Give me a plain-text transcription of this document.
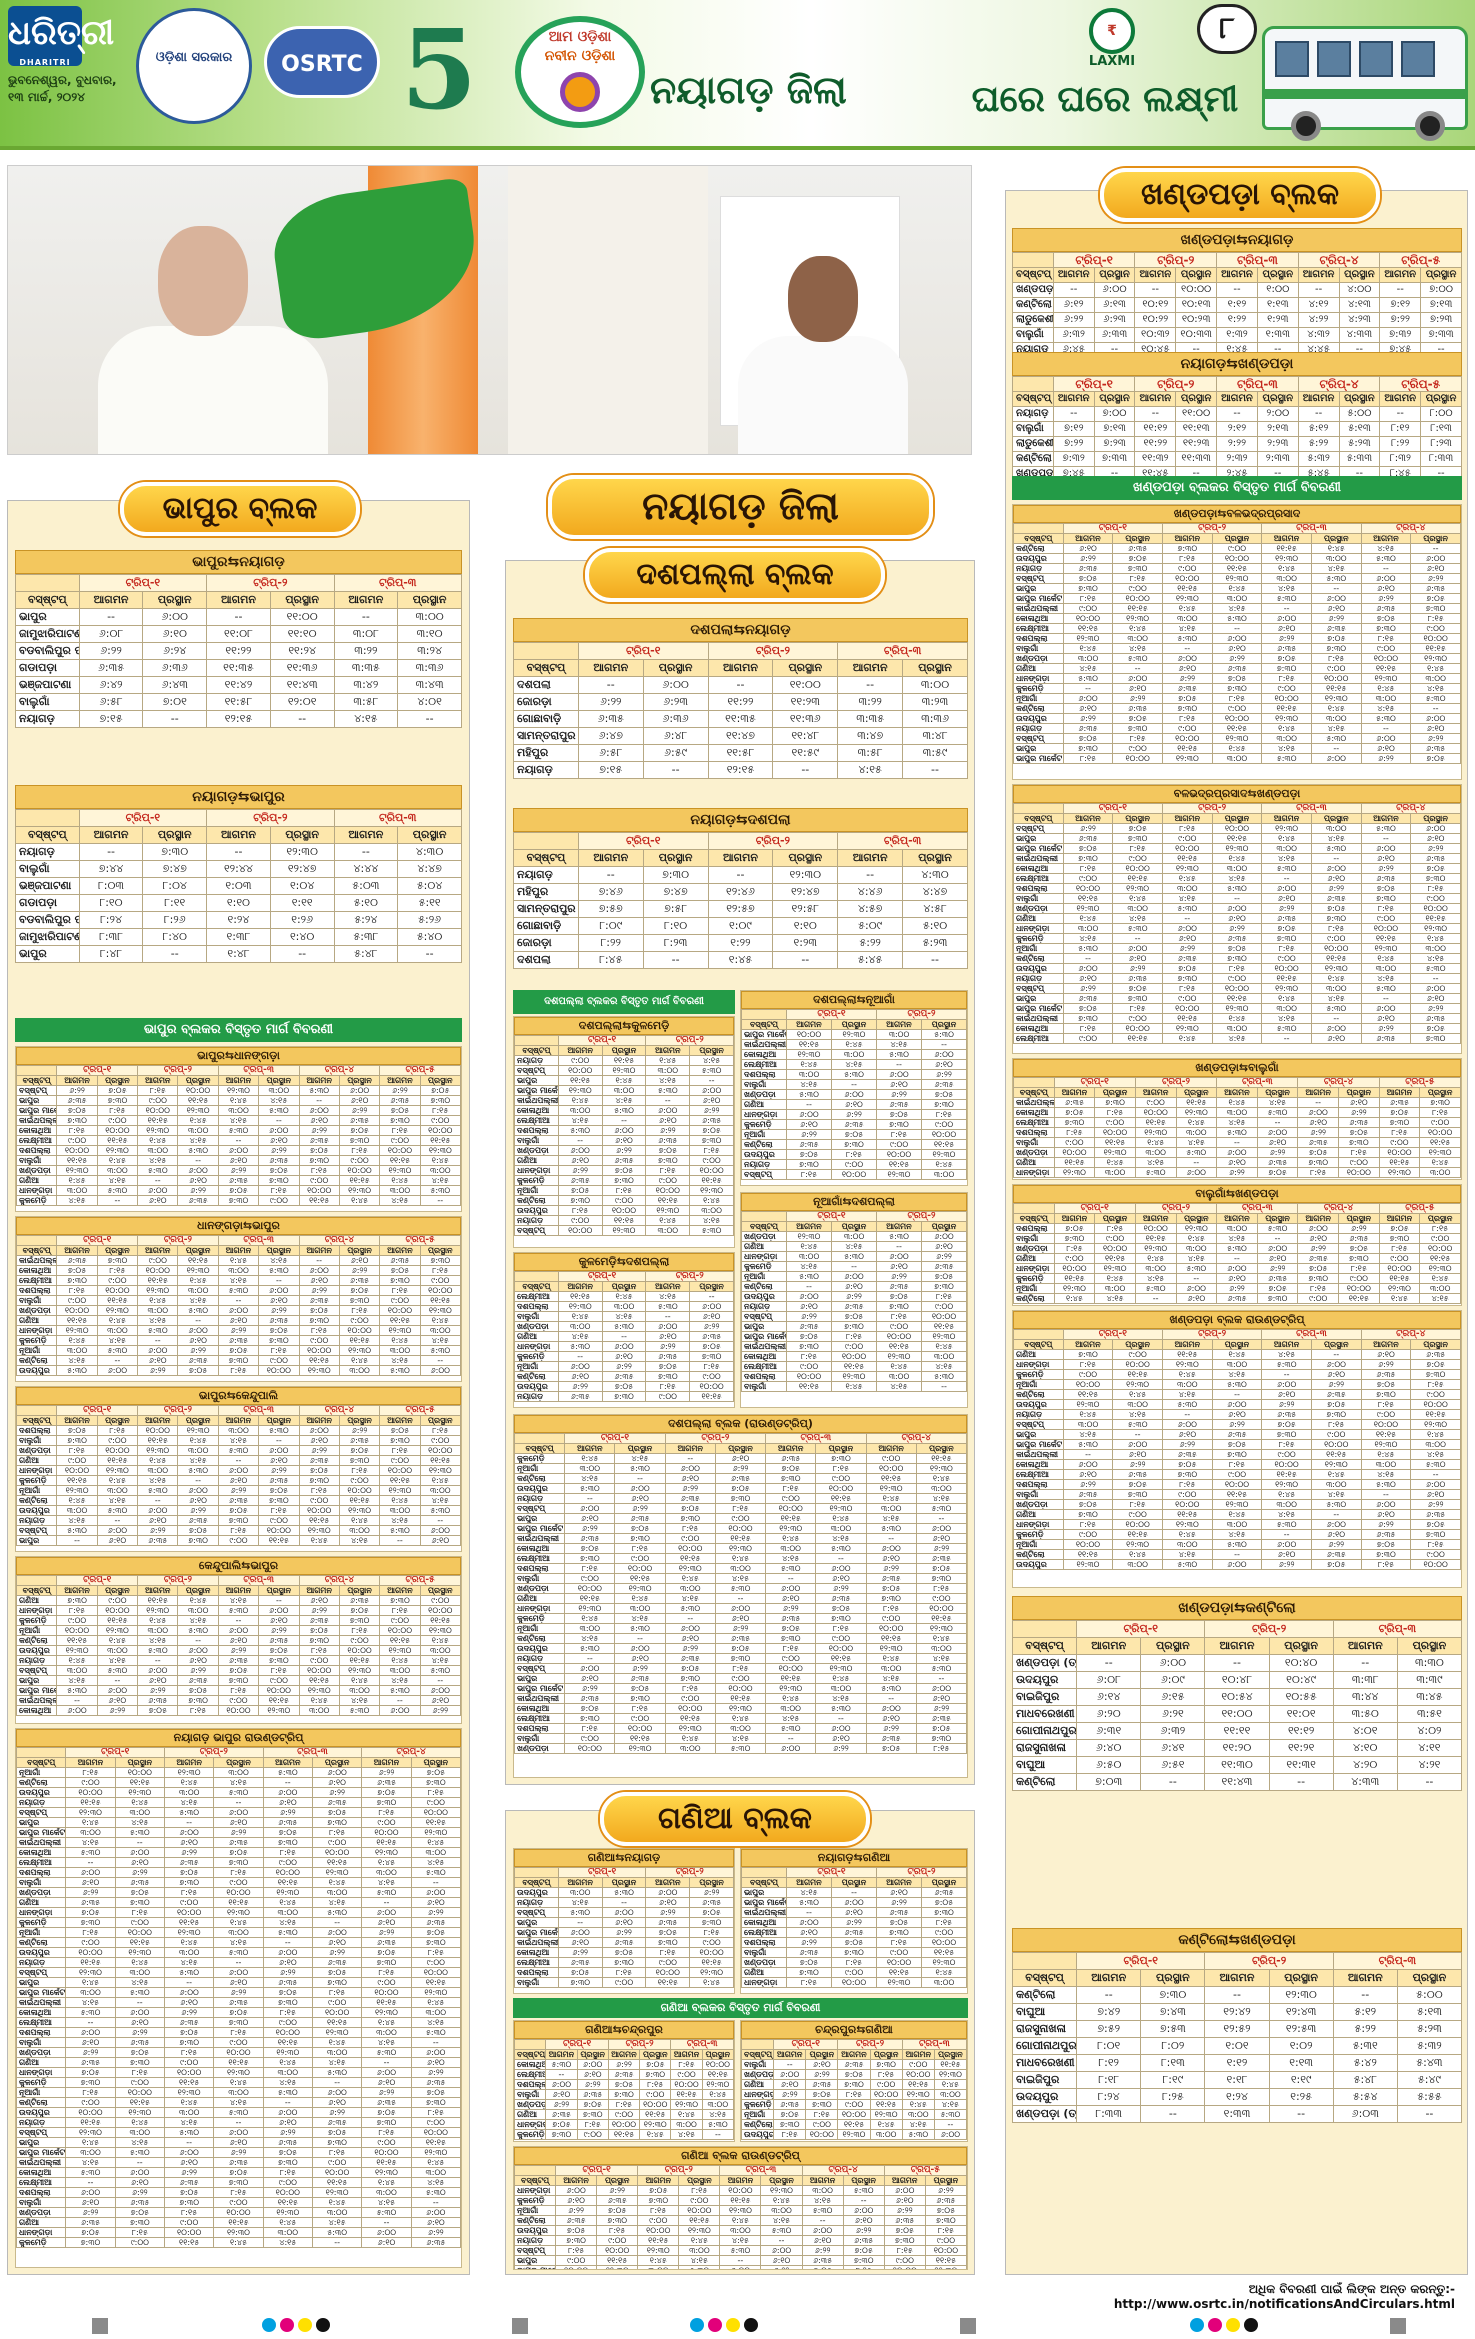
ଧରିତ୍ରୀ
DHARITRI
ଭୁବନେଶ୍ୱର, ବୁଧବାର, ୧୩ ମାର୍ଚ୍ଚ, ୨୦୨୪
ଓଡ଼ିଶା ସରକାର	OSRTC 5	ଆମ ଓଡ଼ିଶା
ନବୀନ ଓଡ଼ିଶା
ନୟାଗଡ଼ ଜିଲା
₹
LAXMI
ଘରେ ଘରେ ଲକ୍ଷ୍ମୀ
୮
ଭାପୁର ବ୍ଲକ
ଭାପୁର⇆ନୟାଗଡ଼
	ଟ୍ରିପ୍-୧		ଟ୍ରିପ୍-୨		ଟ୍ରିପ୍-୩	
ବସ୍‌ଷ୍ଟପ୍	ଆଗମନ	ପ୍ରସ୍ଥାନ	ଆଗମନ	ପ୍ରସ୍ଥାନ	ଆଗମନ	ପ୍ରସ୍ଥାନ
ଭାପୁର	--	୬:୦୦	--	୧୧:୦୦	--	୩:୦୦
ଜାମୁଝାରିପାଟଣା	୬:୦୮	୬:୧୦	୧୧:୦୮	୧୧:୧୦	୩:୦୮	୩:୧୦
ବଡବାଲିପୁର	୬:୨୨	୬:୨୪	୧୧:୨୨	୧୧:୨୪	୩:୨୨	୩:୨୪
ଗଡାପଡ଼ା	୬:୩୫	୬:୩୬	୧୧:୩୫	୧୧:୩୬	୩:୩୫	୩:୩୬
ଭଞ୍ଜପାଟଣା	୬:୪୨	୬:୪୩	୧୧:୪୨	୧୧:୪୩	୩:୪୨	୩:୪୩
ବାଲୁଗାଁ	୬:୫୮	୭:୦୧	୧୧:୫୮	୧୨:୦୧	୩:୫୮	୪:୦୧
ନୟାଗଡ଼	୭:୧୫	--	୧୨:୧୫	--	୪:୧୫	--
ନୟାଗଡ଼⇆ଭାପୁର
	ଟ୍ରିପ୍-୧		ଟ୍ରିପ୍-୨		ଟ୍ରିପ୍-୩	
ବସ୍‌ଷ୍ଟପ୍	ଆଗମନ	ପ୍ରସ୍ଥାନ	ଆଗମନ	ପ୍ରସ୍ଥାନ	ଆଗମନ	ପ୍ରସ୍ଥାନ
ନୟାଗଡ଼	--	୭:୩୦	--	୧୨:୩୦	--	୪:୩୦
ବାଲୁଗାଁ	୭:୪୪	୭:୪୭	୧୨:୪୪	୧୨:୪୭	୪:୪୪	୪:୪୭
ଭଞ୍ଜପାଟଣା	୮:୦୩	୮:୦୪	୧:୦୩	୧:୦୪	୫:୦୩	୫:୦୪
ଗଡାପଡ଼ା	୮:୧୦	୮:୧୧	୧:୧୦	୧:୧୧	୫:୧୦	୫:୧୧
ବଡବାଲିପୁର	୮:୨୪	୮:୨୬	୧:୨୪	୧:୨୬	୫:୨୪	୫:୨୬
ଜାମୁଝାରିପାଟଣା	୮:୩୮	୮:୪୦	୧:୩୮	୧:୪୦	୫:୩୮	୫:୪୦
ଭାପୁର	୮:୪୮	--	୧:୪୮	--	୫:୪୮	--
ଭାପୁର ବ୍ଲକର ବିସ୍ତୃତ ମାର୍ଗ ବିବରଣୀ
ଭାପୁର⇆ଧାନଙ୍ଗଡ଼ା
	ଟ୍ରିପ୍-୧		ଟ୍ରିପ୍-୨		ଟ୍ରିପ୍-୩		ଟ୍ରିପ୍-୪		ଟ୍ରିପ୍-୫	
ବସ୍‌ଷ୍ଟପ୍	ଆଗମନ	ପ୍ରସ୍ଥାନ	ଆଗମନ	ପ୍ରସ୍ଥାନ	ଆଗମନ	ପ୍ରସ୍ଥାନ	ଆଗମନ	ପ୍ରସ୍ଥାନ	ଆଗମନ	ପ୍ରସ୍ଥାନ
ବସ୍‌ଷ୍ଟପ୍	୬:୨୨	୭:୦୫	୮:୧୫	୧୦:୦୦	୧୨:୩୦	୩:୦୦	୫:୩୦	୬:୦୦	୬:୨୨	୭:୦୫
ଭାପୁର	୬:୩୫	୭:୩୦	୯:୦୦	୧୧:୧୫	୧:୪୫	୪:୧୫	--	୬:୧୦	୬:୩୫	୭:୩୦
ଭାପୁର ମା	୭:୦୫	୮:୧୫	୧୦:୦୦	୧୨:୩୦	୩:୦୦	୫:୩୦	୬:୦୦	୬:୨୨	୭:୦୫	୮:୧୫
କାଇଁଥପଲ୍ଲୀ	୭:୩୦	୯:୦୦	୧୧:୧୫	୧:୪୫	୪:୧୫	--	୬:୧୦	୬:୩୫	୭:୩୦	୯:୦୦
କୋଳାଥିଆ	୮:୧୫	୧୦:୦୦	୧୨:୩୦	୩:୦୦	୫:୩୦	୬:୦୦	୬:୨୨	୭:୦୫	୮:୧୫	୧୦:୦୦
ଲେକ୍ଷ୍ମୀଆ	୯:୦୦	୧୧:୧୫	୧:୪୫	୪:୧୫	--	୬:୧୦	୬:୩୫	୭:୩୦	୯:୦୦	୧୧:୧୫
ଦଶପଲ୍ଲା	୧୦:୦୦	୧୨:୩୦	୩:୦୦	୫:୩୦	୬:୦୦	୬:୨୨	୭:୦୫	୮:୧୫	୧୦:୦୦	୧୨:୩୦
ବାଲୁଗାଁ	୧୧:୧୫	୧:୪୫	୪:୧୫	--	୬:୧୦	୬:୩୫	୭:୩୦	୯:୦୦	୧୧:୧୫	୧:୪୫
ଖଣ୍ଡପଡ଼ା	୧୨:୩୦	୩:୦୦	୫:୩୦	୬:୦୦	୬:୨୨	୭:୦୫	୮:୧୫	୧୦:୦୦	୧୨:୩୦	୩:୦୦
ଗଣିଆ	୧:୪୫	୪:୧୫	--	୬:୧୦	୬:୩୫	୭:୩୦	୯:୦୦	୧୧:୧୫	୧:୪୫	୪:୧୫
ଧାନଙ୍ଗଡ଼ା	୩:୦୦	୫:୩୦	୬:୦୦	୬:୨୨	୭:୦୫	୮:୧୫	୧୦:୦୦	୧୨:୩୦	୩:୦୦	୫:୩୦
କୁଳମେଡ଼ି	୪:୧୫	--	୬:୧୦	୬:୩୫	୭:୩୦	୯:୦୦	୧୧:୧୫	୧:୪୫	୪:୧୫	--
ଧାନଙ୍ଗଡ଼ା⇆ଭାପୁର
	ଟ୍ରିପ୍-୧		ଟ୍ରିପ୍-୨		ଟ୍ରିପ୍-୩		ଟ୍ରିପ୍-୪		ଟ୍ରିପ୍-୫	
ବସ୍‌ଷ୍ଟପ୍	ଆଗମନ	ପ୍ରସ୍ଥାନ	ଆଗମନ	ପ୍ରସ୍ଥାନ	ଆଗମନ	ପ୍ରସ୍ଥାନ	ଆଗମନ	ପ୍ରସ୍ଥାନ	ଆଗମନ	ପ୍ରସ୍ଥାନ
କାଇଁଥପଲ୍ଲୀ	୬:୩୫	୭:୩୦	୯:୦୦	୧୧:୧୫	୧:୪୫	୪:୧୫	--	୬:୧୦	୬:୩୫	୭:୩୦
କୋଳାଥିଆ	୭:୦୫	୮:୧୫	୧୦:୦୦	୧୨:୩୦	୩:୦୦	୫:୩୦	୬:୦୦	୬:୨୨	୭:୦୫	୮:୧୫
ଲେକ୍ଷ୍ମୀଆ	୭:୩୦	୯:୦୦	୧୧:୧୫	୧:୪୫	୪:୧୫	--	୬:୧୦	୬:୩୫	୭:୩୦	୯:୦୦
ଦଶପଲ୍ଲା	୮:୧୫	୧୦:୦୦	୧୨:୩୦	୩:୦୦	୫:୩୦	୬:୦୦	୬:୨୨	୭:୦୫	୮:୧୫	୧୦:୦୦
ବାଲୁଗାଁ	୯:୦୦	୧୧:୧୫	୧:୪୫	୪:୧୫	--	୬:୧୦	୬:୩୫	୭:୩୦	୯:୦୦	୧୧:୧୫
ଖଣ୍ଡପଡ଼ା	୧୦:୦୦	୧୨:୩୦	୩:୦୦	୫:୩୦	୬:୦୦	୬:୨୨	୭:୦୫	୮:୧୫	୧୦:୦୦	୧୨:୩୦
ଗଣିଆ	୧୧:୧୫	୧:୪୫	୪:୧୫	--	୬:୧୦	୬:୩୫	୭:୩୦	୯:୦୦	୧୧:୧୫	୧:୪୫
ଧାନଙ୍ଗଡ଼ା	୧୨:୩୦	୩:୦୦	୫:୩୦	୬:୦୦	୬:୨୨	୭:୦୫	୮:୧୫	୧୦:୦୦	୧୨:୩୦	୩:୦୦
କୁଳମେଡ଼ି	୧:୪୫	୪:୧୫	--	୬:୧୦	୬:୩୫	୭:୩୦	୯:୦୦	୧୧:୧୫	୧:୪୫	୪:୧୫
ନୂଆଗାଁ	୩:୦୦	୫:୩୦	୬:୦୦	୬:୨୨	୭:୦୫	୮:୧୫	୧୦:୦୦	୧୨:୩୦	୩:୦୦	୫:୩୦
କଣ୍ଟିଲୋ	୪:୧୫	--	୬:୧୦	୬:୩୫	୭:୩୦	୯:୦୦	୧୧:୧୫	୧:୪୫	୪:୧୫	--
ଉଦୟପୁର	୫:୩୦	୬:୦୦	୬:୨୨	୭:୦୫	୮:୧୫	୧୦:୦୦	୧୨:୩୦	୩:୦୦	୫:୩୦	୬:୦୦
ଭାପୁର⇆କେନ୍ଦୁପାଲି
	ଟ୍ରିପ୍-୧		ଟ୍ରିପ୍-୨		ଟ୍ରିପ୍-୩		ଟ୍ରିପ୍-୪		ଟ୍ରିପ୍-୫	
ବସ୍‌ଷ୍ଟପ୍	ଆଗମନ	ପ୍ରସ୍ଥାନ	ଆଗମନ	ପ୍ରସ୍ଥାନ	ଆଗମନ	ପ୍ରସ୍ଥାନ	ଆଗମନ	ପ୍ରସ୍ଥାନ	ଆଗମନ	ପ୍ରସ୍ଥାନ
ଦଶପଲ୍ଲା	୭:୦୫	୮:୧୫	୧୦:୦୦	୧୨:୩୦	୩:୦୦	୫:୩୦	୬:୦୦	୬:୨୨	୭:୦୫	୮:୧୫
ବାଲୁଗାଁ	୭:୩୦	୯:୦୦	୧୧:୧୫	୧:୪୫	୪:୧୫	--	୬:୧୦	୬:୩୫	୭:୩୦	୯:୦୦
ଖଣ୍ଡପଡ଼ା	୮:୧୫	୧୦:୦୦	୧୨:୩୦	୩:୦୦	୫:୩୦	୬:୦୦	୬:୨୨	୭:୦୫	୮:୧୫	୧୦:୦୦
ଗଣିଆ	୯:୦୦	୧୧:୧୫	୧:୪୫	୪:୧୫	--	୬:୧୦	୬:୩୫	୭:୩୦	୯:୦୦	୧୧:୧୫
ଧାନଙ୍ଗଡ଼ା	୧୦:୦୦	୧୨:୩୦	୩:୦୦	୫:୩୦	୬:୦୦	୬:୨୨	୭:୦୫	୮:୧୫	୧୦:୦୦	୧୨:୩୦
କୁଳମେଡ଼ି	୧୧:୧୫	୧:୪୫	୪:୧୫	--	୬:୧୦	୬:୩୫	୭:୩୦	୯:୦୦	୧୧:୧୫	୧:୪୫
ନୂଆଗାଁ	୧୨:୩୦	୩:୦୦	୫:୩୦	୬:୦୦	୬:୨୨	୭:୦୫	୮:୧୫	୧୦:୦୦	୧୨:୩୦	୩:୦୦
କଣ୍ଟିଲୋ	୧:୪୫	୪:୧୫	--	୬:୧୦	୬:୩୫	୭:୩୦	୯:୦୦	୧୧:୧୫	୧:୪୫	୪:୧୫
ଉଦୟପୁର	୩:୦୦	୫:୩୦	୬:୦୦	୬:୨୨	୭:୦୫	୮:୧୫	୧୦:୦୦	୧୨:୩୦	୩:୦୦	୫:୩୦
ନୟାଗଡ଼	୪:୧୫	--	୬:୧୦	୬:୩୫	୭:୩୦	୯:୦୦	୧୧:୧୫	୧:୪୫	୪:୧୫	--
ବସ୍‌ଷ୍ଟପ୍	୫:୩୦	୬:୦୦	୬:୨୨	୭:୦୫	୮:୧୫	୧୦:୦୦	୧୨:୩୦	୩:୦୦	୫:୩୦	୬:୦୦
ଭାପୁର	--	୬:୧୦	୬:୩୫	୭:୩୦	୯:୦୦	୧୧:୧୫	୧:୪୫	୪:୧୫	--	୬:୧୦
କେନ୍ଦୁପାଲି⇆ଭାପୁର
	ଟ୍ରିପ୍-୧		ଟ୍ରିପ୍-୨		ଟ୍ରିପ୍-୩		ଟ୍ରିପ୍-୪		ଟ୍ରିପ୍-୫	
ବସ୍‌ଷ୍ଟପ୍	ଆଗମନ	ପ୍ରସ୍ଥାନ	ଆଗମନ	ପ୍ରସ୍ଥାନ	ଆଗମନ	ପ୍ରସ୍ଥାନ	ଆଗମନ	ପ୍ରସ୍ଥାନ	ଆଗମନ	ପ୍ରସ୍ଥାନ
ଗଣିଆ	୭:୩୦	୯:୦୦	୧୧:୧୫	୧:୪୫	୪:୧୫	--	୬:୧୦	୬:୩୫	୭:୩୦	୯:୦୦
ଧାନଙ୍ଗଡ଼ା	୮:୧୫	୧୦:୦୦	୧୨:୩୦	୩:୦୦	୫:୩୦	୬:୦୦	୬:୨୨	୭:୦୫	୮:୧୫	୧୦:୦୦
କୁଳମେଡ଼ି	୯:୦୦	୧୧:୧୫	୧:୪୫	୪:୧୫	--	୬:୧୦	୬:୩୫	୭:୩୦	୯:୦୦	୧୧:୧୫
ନୂଆଗାଁ	୧୦:୦୦	୧୨:୩୦	୩:୦୦	୫:୩୦	୬:୦୦	୬:୨୨	୭:୦୫	୮:୧୫	୧୦:୦୦	୧୨:୩୦
କଣ୍ଟିଲୋ	୧୧:୧୫	୧:୪୫	୪:୧୫	--	୬:୧୦	୬:୩୫	୭:୩୦	୯:୦୦	୧୧:୧୫	୧:୪୫
ଉଦୟପୁର	୧୨:୩୦	୩:୦୦	୫:୩୦	୬:୦୦	୬:୨୨	୭:୦୫	୮:୧୫	୧୦:୦୦	୧୨:୩୦	୩:୦୦
ନୟାଗଡ଼	୧:୪୫	୪:୧୫	--	୬:୧୦	୬:୩୫	୭:୩୦	୯:୦୦	୧୧:୧୫	୧:୪୫	୪:୧୫
ବସ୍‌ଷ୍ଟପ୍	୩:୦୦	୫:୩୦	୬:୦୦	୬:୨୨	୭:୦୫	୮:୧୫	୧୦:୦୦	୧୨:୩୦	୩:୦୦	୫:୩୦
ଭାପୁର	୪:୧୫	--	୬:୧୦	୬:୩୫	୭:୩୦	୯:୦୦	୧୧:୧୫	୧:୪୫	୪:୧୫	--
ଭାପୁର ମା	୫:୩୦	୬:୦୦	୬:୨୨	୭:୦୫	୮:୧୫	୧୦:୦୦	୧୨:୩୦	୩:୦୦	୫:୩୦	୬:୦୦
କାଇଁଥପଲ୍ଲୀ	--	୬:୧୦	୬:୩୫	୭:୩୦	୯:୦୦	୧୧:୧୫	୧:୪୫	୪:୧୫	--	୬:୧୦
କୋଳାଥିଆ	୬:୦୦	୬:୨୨	୭:୦୫	୮:୧୫	୧୦:୦୦	୧୨:୩୦	୩:୦୦	୫:୩୦	୬:୦୦	୬:୨୨
ନୟାଗଡ଼ ଭାପୁର ରାଉଣ୍ଡଟ୍ରିପ୍
	ଟ୍ରିପ୍-୧		ଟ୍ରିପ୍-୨		ଟ୍ରିପ୍-୩		ଟ୍ରିପ୍-୪	
ବସ୍‌ଷ୍ଟପ୍	ଆଗମନ	ପ୍ରସ୍ଥାନ	ଆଗମନ	ପ୍ରସ୍ଥାନ	ଆଗମନ	ପ୍ରସ୍ଥାନ	ଆଗମନ	ପ୍ରସ୍ଥାନ
ନୂଆଗାଁ	୮:୧୫	୧୦:୦୦	୧୨:୩୦	୩:୦୦	୫:୩୦	୬:୦୦	୬:୨୨	୭:୦୫
କଣ୍ଟିଲୋ	୯:୦୦	୧୧:୧୫	୧:୪୫	୪:୧୫	--	୬:୧୦	୬:୩୫	୭:୩୦
ଉଦୟପୁର	୧୦:୦୦	୧୨:୩୦	୩:୦୦	୫:୩୦	୬:୦୦	୬:୨୨	୭:୦୫	୮:୧୫
ନୟାଗଡ଼	୧୧:୧୫	୧:୪୫	୪:୧୫	--	୬:୧୦	୬:୩୫	୭:୩୦	୯:୦୦
ବସ୍‌ଷ୍ଟପ୍	୧୨:୩୦	୩:୦୦	୫:୩୦	୬:୦୦	୬:୨୨	୭:୦୫	୮:୧୫	୧୦:୦୦
ଭାପୁର	୧:୪୫	୪:୧୫	--	୬:୧୦	୬:୩୫	୭:୩୦	୯:୦୦	୧୧:୧୫
ଭାପୁର ମାର୍କେଟ	୩:୦୦	୫:୩୦	୬:୦୦	୬:୨୨	୭:୦୫	୮:୧୫	୧୦:୦୦	୧୨:୩୦
କାଇଁଥପଲ୍ଲୀ	୪:୧୫	--	୬:୧୦	୬:୩୫	୭:୩୦	୯:୦୦	୧୧:୧୫	୧:୪୫
କୋଳାଥିଆ	୫:୩୦	୬:୦୦	୬:୨୨	୭:୦୫	୮:୧୫	୧୦:୦୦	୧୨:୩୦	୩:୦୦
ଲେକ୍ଷ୍ମୀଆ	--	୬:୧୦	୬:୩୫	୭:୩୦	୯:୦୦	୧୧:୧୫	୧:୪୫	୪:୧୫
ଦଶପଲ୍ଲା	୬:୦୦	୬:୨୨	୭:୦୫	୮:୧୫	୧୦:୦୦	୧୨:୩୦	୩:୦୦	୫:୩୦
ବାଲୁଗାଁ	୬:୧୦	୬:୩୫	୭:୩୦	୯:୦୦	୧୧:୧୫	୧:୪୫	୪:୧୫	--
ଖଣ୍ଡପଡ଼ା	୬:୨୨	୭:୦୫	୮:୧୫	୧୦:୦୦	୧୨:୩୦	୩:୦୦	୫:୩୦	୬:୦୦
ଗଣିଆ	୬:୩୫	୭:୩୦	୯:୦୦	୧୧:୧୫	୧:୪୫	୪:୧୫	--	୬:୧୦
ଧାନଙ୍ଗଡ଼ା	୭:୦୫	୮:୧୫	୧୦:୦୦	୧୨:୩୦	୩:୦୦	୫:୩୦	୬:୦୦	୬:୨୨
କୁଳମେଡ଼ି	୭:୩୦	୯:୦୦	୧୧:୧୫	୧:୪୫	୪:୧୫	--	୬:୧୦	୬:୩୫
ନୂଆଗାଁ	୮:୧୫	୧୦:୦୦	୧୨:୩୦	୩:୦୦	୫:୩୦	୬:୦୦	୬:୨୨	୭:୦୫
କଣ୍ଟିଲୋ	୯:୦୦	୧୧:୧୫	୧:୪୫	୪:୧୫	--	୬:୧୦	୬:୩୫	୭:୩୦
ଉଦୟପୁର	୧୦:୦୦	୧୨:୩୦	୩:୦୦	୫:୩୦	୬:୦୦	୬:୨୨	୭:୦୫	୮:୧୫
ନୟାଗଡ଼	୧୧:୧୫	୧:୪୫	୪:୧୫	--	୬:୧୦	୬:୩୫	୭:୩୦	୯:୦୦
ବସ୍‌ଷ୍ଟପ୍	୧୨:୩୦	୩:୦୦	୫:୩୦	୬:୦୦	୬:୨୨	୭:୦୫	୮:୧୫	୧୦:୦୦
ଭାପୁର	୧:୪୫	୪:୧୫	--	୬:୧୦	୬:୩୫	୭:୩୦	୯:୦୦	୧୧:୧୫
ଭାପୁର ମାର୍କେଟ	୩:୦୦	୫:୩୦	୬:୦୦	୬:୨୨	୭:୦୫	୮:୧୫	୧୦:୦୦	୧୨:୩୦
କାଇଁଥପଲ୍ଲୀ	୪:୧୫	--	୬:୧୦	୬:୩୫	୭:୩୦	୯:୦୦	୧୧:୧୫	୧:୪୫
କୋଳାଥିଆ	୫:୩୦	୬:୦୦	୬:୨୨	୭:୦୫	୮:୧୫	୧୦:୦୦	୧୨:୩୦	୩:୦୦
ଲେକ୍ଷ୍ମୀଆ	--	୬:୧୦	୬:୩୫	୭:୩୦	୯:୦୦	୧୧:୧୫	୧:୪୫	୪:୧୫
ଦଶପଲ୍ଲା	୬:୦୦	୬:୨୨	୭:୦୫	୮:୧୫	୧୦:୦୦	୧୨:୩୦	୩:୦୦	୫:୩୦
ବାଲୁଗାଁ	୬:୧୦	୬:୩୫	୭:୩୦	୯:୦୦	୧୧:୧୫	୧:୪୫	୪:୧୫	--
ଖଣ୍ଡପଡ଼ା	୬:୨୨	୭:୦୫	୮:୧୫	୧୦:୦୦	୧୨:୩୦	୩:୦୦	୫:୩୦	୬:୦୦
ଗଣିଆ	୬:୩୫	୭:୩୦	୯:୦୦	୧୧:୧୫	୧:୪୫	୪:୧୫	--	୬:୧୦
ଧାନଙ୍ଗଡ଼ା	୭:୦୫	୮:୧୫	୧୦:୦୦	୧୨:୩୦	୩:୦୦	୫:୩୦	୬:୦୦	୬:୨୨
କୁଳମେଡ଼ି	୭:୩୦	୯:୦୦	୧୧:୧୫	୧:୪୫	୪:୧୫	--	୬:୧୦	୬:୩୫
ନୂଆଗାଁ	୮:୧୫	୧୦:୦୦	୧୨:୩୦	୩:୦୦	୫:୩୦	୬:୦୦	୬:୨୨	୭:୦୫
କଣ୍ଟିଲୋ	୯:୦୦	୧୧:୧୫	୧:୪୫	୪:୧୫	--	୬:୧୦	୬:୩୫	୭:୩୦
ଉଦୟପୁର	୧୦:୦୦	୧୨:୩୦	୩:୦୦	୫:୩୦	୬:୦୦	୬:୨୨	୭:୦୫	୮:୧୫
ନୟାଗଡ଼	୧୧:୧୫	୧:୪୫	୪:୧୫	--	୬:୧୦	୬:୩୫	୭:୩୦	୯:୦୦
ବସ୍‌ଷ୍ଟପ୍	୧୨:୩୦	୩:୦୦	୫:୩୦	୬:୦୦	୬:୨୨	୭:୦୫	୮:୧୫	୧୦:୦୦
ଭାପୁର	୧:୪୫	୪:୧୫	--	୬:୧୦	୬:୩୫	୭:୩୦	୯:୦୦	୧୧:୧୫
ଭାପୁର ମାର୍କେଟ	୩:୦୦	୫:୩୦	୬:୦୦	୬:୨୨	୭:୦୫	୮:୧୫	୧୦:୦୦	୧୨:୩୦
କାଇଁଥପଲ୍ଲୀ	୪:୧୫	--	୬:୧୦	୬:୩୫	୭:୩୦	୯:୦୦	୧୧:୧୫	୧:୪୫
କୋଳାଥିଆ	୫:୩୦	୬:୦୦	୬:୨୨	୭:୦୫	୮:୧୫	୧୦:୦୦	୧୨:୩୦	୩:୦୦
ଲେକ୍ଷ୍ମୀଆ	--	୬:୧୦	୬:୩୫	୭:୩୦	୯:୦୦	୧୧:୧୫	୧:୪୫	୪:୧୫
ଦଶପଲ୍ଲା	୬:୦୦	୬:୨୨	୭:୦୫	୮:୧୫	୧୦:୦୦	୧୨:୩୦	୩:୦୦	୫:୩୦
ବାଲୁଗାଁ	୬:୧୦	୬:୩୫	୭:୩୦	୯:୦୦	୧୧:୧୫	୧:୪୫	୪:୧୫	--
ଖଣ୍ଡପଡ଼ା	୬:୨୨	୭:୦୫	୮:୧୫	୧୦:୦୦	୧୨:୩୦	୩:୦୦	୫:୩୦	୬:୦୦
ଗଣିଆ	୬:୩୫	୭:୩୦	୯:୦୦	୧୧:୧୫	୧:୪୫	୪:୧୫	--	୬:୧୦
ଧାନଙ୍ଗଡ଼ା	୭:୦୫	୮:୧୫	୧୦:୦୦	୧୨:୩୦	୩:୦୦	୫:୩୦	୬:୦୦	୬:୨୨
କୁଳମେଡ଼ି	୭:୩୦	୯:୦୦	୧୧:୧୫	୧:୪୫	୪:୧୫	--	୬:୧୦	୬:୩୫
ନୟାଗଡ଼ ଜିଲା
ଦଶପଲ୍ଲା ବ୍ଲକ
ଦଶପଲା⇆ନୟାଗଡ଼
	ଟ୍ରିପ୍-୧		ଟ୍ରିପ୍-୨		ଟ୍ରିପ୍-୩	
ବସ୍‌ଷ୍ଟପ୍	ଆଗମନ	ପ୍ରସ୍ଥାନ	ଆଗମନ	ପ୍ରସ୍ଥାନ	ଆଗମନ	ପ୍ରସ୍ଥାନ
ଦଶପଲା	--	୬:୦୦	--	୧୧:୦୦	--	୩:୦୦
ଜୋରଡ଼ା	୬:୨୨	୬:୨୩	୧୧:୨୨	୧୧:୨୩	୩:୨୨	୩:୨୩
ଗୋଛାବାଡ଼ି	୬:୩୫	୬:୩୬	୧୧:୩୫	୧୧:୩୬	୩:୩୫	୩:୩୬
ସାମନ୍ତରାପୁର	୬:୪୭	୬:୪୮	୧୧:୪୭	୧୧:୪୮	୩:୪୭	୩:୪୮
ମହିପୁର	୬:୫୮	୬:୫୯	୧୧:୫୮	୧୧:୫୯	୩:୫୮	୩:୫୯
ନୟାଗଡ଼	୭:୧୫	--	୧୨:୧୫	--	୪:୧୫	--
ନୟାଗଡ଼⇆ଦଶପଲା
	ଟ୍ରିପ୍-୧		ଟ୍ରିପ୍-୨		ଟ୍ରିପ୍-୩	
ବସ୍‌ଷ୍ଟପ୍	ଆଗମନ	ପ୍ରସ୍ଥାନ	ଆଗମନ	ପ୍ରସ୍ଥାନ	ଆଗମନ	ପ୍ରସ୍ଥାନ
ନୟାଗଡ଼	--	୭:୩୦	--	୧୨:୩୦	--	୪:୩୦
ମହିପୁର	୭:୪୬	୭:୪୭	୧୨:୪୬	୧୨:୪୭	୪:୪୬	୪:୪୭
ସାମନ୍ତରାପୁର	୭:୫୭	୭:୫୮	୧୨:୫୭	୧୨:୫୮	୪:୫୭	୪:୫୮
ଗୋଛାବାଡ଼ି	୮:୦୯	୮:୧୦	୧:୦୯	୧:୧୦	୫:୦୯	୫:୧୦
ଜୋରଡ଼ା	୮:୨୨	୮:୨୩	୧:୨୨	୧:୨୩	୫:୨୨	୫:୨୩
ଦଶପଲା	୮:୪୫	--	୧:୪୫	--	୫:୪୫	--
ଦଶପଲ୍ଲା ବ୍ଲକର ବିସ୍ତୃତ ମାର୍ଗ ବିବରଣୀ
ଦଶପଲ୍ଲା⇆କୁଳମେଡ଼ି
	ଟ୍ରିପ୍-୧		ଟ୍ରିପ୍-୨	
ବସ୍‌ଷ୍ଟପ୍	ଆଗମନ	ପ୍ରସ୍ଥାନ	ଆଗମନ	ପ୍ରସ୍ଥାନ
ନୟାଗଡ଼	୯:୦୦	୧୧:୧୫	୧:୪୫	୪:୧୫
ବସ୍‌ଷ୍ଟପ୍	୧୦:୦୦	୧୨:୩୦	୩:୦୦	୫:୩୦
ଭାପୁର	୧୧:୧୫	୧:୪୫	୪:୧୫	--
ଭାପୁର ମାର୍କେ	୧୨:୩୦	୩:୦୦	୫:୩୦	୬:୦୦
କାଇଁଥପଲ୍ଲୀ	୧:୪୫	୪:୧୫	--	୬:୧୦
କୋଳାଥିଆ	୩:୦୦	୫:୩୦	୬:୦୦	୬:୨୨
ଲେକ୍ଷ୍ମୀଆ	୪:୧୫	--	୬:୧୦	୬:୩୫
ଦଶପଲ୍ଲା	୫:୩୦	୬:୦୦	୬:୨୨	୭:୦୫
ବାଲୁଗାଁ	--	୬:୧୦	୬:୩୫	୭:୩୦
ଖଣ୍ଡପଡ଼ା	୬:୦୦	୬:୨୨	୭:୦୫	୮:୧୫
ଗଣିଆ	୬:୧୦	୬:୩୫	୭:୩୦	୯:୦୦
ଧାନଙ୍ଗଡ଼ା	୬:୨୨	୭:୦୫	୮:୧୫	୧୦:୦୦
କୁଳମେଡ଼ି	୬:୩୫	୭:୩୦	୯:୦୦	୧୧:୧୫
ନୂଆଗାଁ	୭:୦୫	୮:୧୫	୧୦:୦୦	୧୨:୩୦
କଣ୍ଟିଲୋ	୭:୩୦	୯:୦୦	୧୧:୧୫	୧:୪୫
ଉଦୟପୁର	୮:୧୫	୧୦:୦୦	୧୨:୩୦	୩:୦୦
ନୟାଗଡ଼	୯:୦୦	୧୧:୧୫	୧:୪୫	୪:୧୫
ବସ୍‌ଷ୍ଟପ୍	୧୦:୦୦	୧୨:୩୦	୩:୦୦	୫:୩୦
ଦଶପଲ୍ଲା⇆ନୂଆଗାଁ
	ଟ୍ରିପ୍-୧		ଟ୍ରିପ୍-୨	
ବସ୍‌ଷ୍ଟପ୍	ଆଗମନ	ପ୍ରସ୍ଥାନ	ଆଗମନ	ପ୍ରସ୍ଥାନ
ଭାପୁର ମାର୍କେଟ	୧୦:୦୦	୧୨:୩୦	୩:୦୦	୫:୩୦
କାଇଁଥପଲ୍ଲୀ	୧୧:୧୫	୧:୪୫	୪:୧୫	--
କୋଳାଥିଆ	୧୨:୩୦	୩:୦୦	୫:୩୦	୬:୦୦
ଲେକ୍ଷ୍ମୀଆ	୧:୪୫	୪:୧୫	--	୬:୧୦
ଦଶପଲ୍ଲା	୩:୦୦	୫:୩୦	୬:୦୦	୬:୨୨
ବାଲୁଗାଁ	୪:୧୫	--	୬:୧୦	୬:୩୫
ଖଣ୍ଡପଡ଼ା	୫:୩୦	୬:୦୦	୬:୨୨	୭:୦୫
ଗଣିଆ	--	୬:୧୦	୬:୩୫	୭:୩୦
ଧାନଙ୍ଗଡ଼ା	୬:୦୦	୬:୨୨	୭:୦୫	୮:୧୫
କୁଳମେଡ଼ି	୬:୧୦	୬:୩୫	୭:୩୦	୯:୦୦
ନୂଆଗାଁ	୬:୨୨	୭:୦୫	୮:୧୫	୧୦:୦୦
କଣ୍ଟିଲୋ	୬:୩୫	୭:୩୦	୯:୦୦	୧୧:୧୫
ଉଦୟପୁର	୭:୦୫	୮:୧୫	୧୦:୦୦	୧୨:୩୦
ନୟାଗଡ଼	୭:୩୦	୯:୦୦	୧୧:୧୫	୧:୪୫
ବସ୍‌ଷ୍ଟପ୍	୮:୧୫	୧୦:୦୦	୧୨:୩୦	୩:୦୦
କୁଳମେଡ଼ି⇆ଦଶପଲ୍ଲା
	ଟ୍ରିପ୍-୧		ଟ୍ରିପ୍-୨	
ବସ୍‌ଷ୍ଟପ୍	ଆଗମନ	ପ୍ରସ୍ଥାନ	ଆଗମନ	ପ୍ରସ୍ଥାନ
ଲେକ୍ଷ୍ମୀଆ	୧୧:୧୫	୧:୪୫	୪:୧୫	--
ଦଶପଲ୍ଲା	୧୨:୩୦	୩:୦୦	୫:୩୦	୬:୦୦
ବାଲୁଗାଁ	୧:୪୫	୪:୧୫	--	୬:୧୦
ଖଣ୍ଡପଡ଼ା	୩:୦୦	୫:୩୦	୬:୦୦	୬:୨୨
ଗଣିଆ	୪:୧୫	--	୬:୧୦	୬:୩୫
ଧାନଙ୍ଗଡ଼ା	୫:୩୦	୬:୦୦	୬:୨୨	୭:୦୫
କୁଳମେଡ଼ି	--	୬:୧୦	୬:୩୫	୭:୩୦
ନୂଆଗାଁ	୬:୦୦	୬:୨୨	୭:୦୫	୮:୧୫
କଣ୍ଟିଲୋ	୬:୧୦	୬:୩୫	୭:୩୦	୯:୦୦
ଉଦୟପୁର	୬:୨୨	୭:୦୫	୮:୧୫	୧୦:୦୦
ନୟାଗଡ଼	୬:୩୫	୭:୩୦	୯:୦୦	୧୧:୧୫
ନୂଆଗାଁ⇆ଦଶପଲ୍ଲା
	ଟ୍ରିପ୍-୧		ଟ୍ରିପ୍-୨	
ବସ୍‌ଷ୍ଟପ୍	ଆଗମନ	ପ୍ରସ୍ଥାନ	ଆଗମନ	ପ୍ରସ୍ଥାନ
ଖଣ୍ଡପଡ଼ା	୧୨:୩୦	୩:୦୦	୫:୩୦	୬:୦୦
ଗଣିଆ	୧:୪୫	୪:୧୫	--	୬:୧୦
ଧାନଙ୍ଗଡ଼ା	୩:୦୦	୫:୩୦	୬:୦୦	୬:୨୨
କୁଳମେଡ଼ି	୪:୧୫	--	୬:୧୦	୬:୩୫
ନୂଆଗାଁ	୫:୩୦	୬:୦୦	୬:୨୨	୭:୦୫
କଣ୍ଟିଲୋ	--	୬:୧୦	୬:୩୫	୭:୩୦
ଉଦୟପୁର	୬:୦୦	୬:୨୨	୭:୦୫	୮:୧୫
ନୟାଗଡ଼	୬:୧୦	୬:୩୫	୭:୩୦	୯:୦୦
ବସ୍‌ଷ୍ଟପ୍	୬:୨୨	୭:୦୫	୮:୧୫	୧୦:୦୦
ଭାପୁର	୬:୩୫	୭:୩୦	୯:୦୦	୧୧:୧୫
ଭାପୁର ମାର୍କେଟ	୭:୦୫	୮:୧୫	୧୦:୦୦	୧୨:୩୦
କାଇଁଥପଲ୍ଲୀ	୭:୩୦	୯:୦୦	୧୧:୧୫	୧:୪୫
କୋଳାଥିଆ	୮:୧୫	୧୦:୦୦	୧୨:୩୦	୩:୦୦
ଲେକ୍ଷ୍ମୀଆ	୯:୦୦	୧୧:୧୫	୧:୪୫	୪:୧୫
ଦଶପଲ୍ଲା	୧୦:୦୦	୧୨:୩୦	୩:୦୦	୫:୩୦
ବାଲୁଗାଁ	୧୧:୧୫	୧:୪୫	୪:୧୫	--
ଦଶପଲ୍ଲା ବ୍ଲକ (ରାଉଣ୍ଡଟ୍ରିପ୍)
	ଟ୍ରିପ୍-୧		ଟ୍ରିପ୍-୨		ଟ୍ରିପ୍-୩		ଟ୍ରିପ୍-୪	
ବସ୍‌ଷ୍ଟପ୍	ଆଗମନ	ପ୍ରସ୍ଥାନ	ଆଗମନ	ପ୍ରସ୍ଥାନ	ଆଗମନ	ପ୍ରସ୍ଥାନ	ଆଗମନ	ପ୍ରସ୍ଥାନ
କୁଳମେଡ଼ି	୧:୪୫	୪:୧୫	--	୬:୧୦	୬:୩୫	୭:୩୦	୯:୦୦	୧୧:୧୫
ନୂଆଗାଁ	୩:୦୦	୫:୩୦	୬:୦୦	୬:୨୨	୭:୦୫	୮:୧୫	୧୦:୦୦	୧୨:୩୦
କଣ୍ଟିଲୋ	୪:୧୫	--	୬:୧୦	୬:୩୫	୭:୩୦	୯:୦୦	୧୧:୧୫	୧:୪୫
ଉଦୟପୁର	୫:୩୦	୬:୦୦	୬:୨୨	୭:୦୫	୮:୧୫	୧୦:୦୦	୧୨:୩୦	୩:୦୦
ନୟାଗଡ଼	--	୬:୧୦	୬:୩୫	୭:୩୦	୯:୦୦	୧୧:୧୫	୧:୪୫	୪:୧୫
ବସ୍‌ଷ୍ଟପ୍	୬:୦୦	୬:୨୨	୭:୦୫	୮:୧୫	୧୦:୦୦	୧୨:୩୦	୩:୦୦	୫:୩୦
ଭାପୁର	୬:୧୦	୬:୩୫	୭:୩୦	୯:୦୦	୧୧:୧୫	୧:୪୫	୪:୧୫	--
ଭାପୁର ମାର୍କେଟ	୬:୨୨	୭:୦୫	୮:୧୫	୧୦:୦୦	୧୨:୩୦	୩:୦୦	୫:୩୦	୬:୦୦
କାଇଁଥପଲ୍ଲୀ	୬:୩୫	୭:୩୦	୯:୦୦	୧୧:୧୫	୧:୪୫	୪:୧୫	--	୬:୧୦
କୋଳାଥିଆ	୭:୦୫	୮:୧୫	୧୦:୦୦	୧୨:୩୦	୩:୦୦	୫:୩୦	୬:୦୦	୬:୨୨
ଲେକ୍ଷ୍ମୀଆ	୭:୩୦	୯:୦୦	୧୧:୧୫	୧:୪୫	୪:୧୫	--	୬:୧୦	୬:୩୫
ଦଶପଲ୍ଲା	୮:୧୫	୧୦:୦୦	୧୨:୩୦	୩:୦୦	୫:୩୦	୬:୦୦	୬:୨୨	୭:୦୫
ବାଲୁଗାଁ	୯:୦୦	୧୧:୧୫	୧:୪୫	୪:୧୫	--	୬:୧୦	୬:୩୫	୭:୩୦
ଖଣ୍ଡପଡ଼ା	୧୦:୦୦	୧୨:୩୦	୩:୦୦	୫:୩୦	୬:୦୦	୬:୨୨	୭:୦୫	୮:୧୫
ଗଣିଆ	୧୧:୧୫	୧:୪୫	୪:୧୫	--	୬:୧୦	୬:୩୫	୭:୩୦	୯:୦୦
ଧାନଙ୍ଗଡ଼ା	୧୨:୩୦	୩:୦୦	୫:୩୦	୬:୦୦	୬:୨୨	୭:୦୫	୮:୧୫	୧୦:୦୦
କୁଳମେଡ଼ି	୧:୪୫	୪:୧୫	--	୬:୧୦	୬:୩୫	୭:୩୦	୯:୦୦	୧୧:୧୫
ନୂଆଗାଁ	୩:୦୦	୫:୩୦	୬:୦୦	୬:୨୨	୭:୦୫	୮:୧୫	୧୦:୦୦	୧୨:୩୦
କଣ୍ଟିଲୋ	୪:୧୫	--	୬:୧୦	୬:୩୫	୭:୩୦	୯:୦୦	୧୧:୧୫	୧:୪୫
ଉଦୟପୁର	୫:୩୦	୬:୦୦	୬:୨୨	୭:୦୫	୮:୧୫	୧୦:୦୦	୧୨:୩୦	୩:୦୦
ନୟାଗଡ଼	--	୬:୧୦	୬:୩୫	୭:୩୦	୯:୦୦	୧୧:୧୫	୧:୪୫	୪:୧୫
ବସ୍‌ଷ୍ଟପ୍	୬:୦୦	୬:୨୨	୭:୦୫	୮:୧୫	୧୦:୦୦	୧୨:୩୦	୩:୦୦	୫:୩୦
ଭାପୁର	୬:୧୦	୬:୩୫	୭:୩୦	୯:୦୦	୧୧:୧୫	୧:୪୫	୪:୧୫	--
ଭାପୁର ମାର୍କେଟ	୬:୨୨	୭:୦୫	୮:୧୫	୧୦:୦୦	୧୨:୩୦	୩:୦୦	୫:୩୦	୬:୦୦
କାଇଁଥପଲ୍ଲୀ	୬:୩୫	୭:୩୦	୯:୦୦	୧୧:୧୫	୧:୪୫	୪:୧୫	--	୬:୧୦
କୋଳାଥିଆ	୭:୦୫	୮:୧୫	୧୦:୦୦	୧୨:୩୦	୩:୦୦	୫:୩୦	୬:୦୦	୬:୨୨
ଲେକ୍ଷ୍ମୀଆ	୭:୩୦	୯:୦୦	୧୧:୧୫	୧:୪୫	୪:୧୫	--	୬:୧୦	୬:୩୫
ଦଶପଲ୍ଲା	୮:୧୫	୧୦:୦୦	୧୨:୩୦	୩:୦୦	୫:୩୦	୬:୦୦	୬:୨୨	୭:୦୫
ବାଲୁଗାଁ	୯:୦୦	୧୧:୧୫	୧:୪୫	୪:୧୫	--	୬:୧୦	୬:୩୫	୭:୩୦
ଖଣ୍ଡପଡ଼ା	୧୦:୦୦	୧୨:୩୦	୩:୦୦	୫:୩୦	୬:୦୦	୬:୨୨	୭:୦୫	୮:୧୫
ଗଣିଆ ବ୍ଲକ
ଗଣିଆ⇆ନୟାଗଡ଼
	ଟ୍ରିପ୍-୧		ଟ୍ରିପ୍-୨	
ବସ୍‌ଷ୍ଟପ୍	ଆଗମନ	ପ୍ରସ୍ଥାନ	ଆଗମନ	ପ୍ରସ୍ଥାନ
ଉଦୟପୁର	୩:୦୦	୫:୩୦	୬:୦୦	୬:୨୨
ନୟାଗଡ଼	୪:୧୫	--	୬:୧୦	୬:୩୫
ବସ୍‌ଷ୍ଟପ୍	୫:୩୦	୬:୦୦	୬:୨୨	୭:୦୫
ଭାପୁର	--	୬:୧୦	୬:୩୫	୭:୩୦
ଭାପୁର ମାର୍କେ	୬:୦୦	୬:୨୨	୭:୦୫	୮:୧୫
କାଇଁଥପଲ୍ଲୀ	୬:୧୦	୬:୩୫	୭:୩୦	୯:୦୦
କୋଳାଥିଆ	୬:୨୨	୭:୦୫	୮:୧୫	୧୦:୦୦
ଲେକ୍ଷ୍ମୀଆ	୬:୩୫	୭:୩୦	୯:୦୦	୧୧:୧୫
ଦଶପଲ୍ଲା	୭:୦୫	୮:୧୫	୧୦:୦୦	୧୨:୩୦
ବାଲୁଗାଁ	୭:୩୦	୯:୦୦	୧୧:୧୫	୧:୪୫
ନୟାଗଡ଼⇆ଗଣିଆ
	ଟ୍ରିପ୍-୧		ଟ୍ରିପ୍-୨	
ବସ୍‌ଷ୍ଟପ୍	ଆଗମନ	ପ୍ରସ୍ଥାନ	ଆଗମନ	ପ୍ରସ୍ଥାନ
ଭାପୁର	୪:୧୫	--	୬:୧୦	୬:୩୫
ଭାପୁର ମାର୍କେଟ	୫:୩୦	୬:୦୦	୬:୨୨	୭:୦୫
କାଇଁଥପଲ୍ଲୀ	--	୬:୧୦	୬:୩୫	୭:୩୦
କୋଳାଥିଆ	୬:୦୦	୬:୨୨	୭:୦୫	୮:୧୫
ଲେକ୍ଷ୍ମୀଆ	୬:୧୦	୬:୩୫	୭:୩୦	୯:୦୦
ଦଶପଲ୍ଲା	୬:୨୨	୭:୦୫	୮:୧୫	୧୦:୦୦
ବାଲୁଗାଁ	୬:୩୫	୭:୩୦	୯:୦୦	୧୧:୧୫
ଖଣ୍ଡପଡ଼ା	୭:୦୫	୮:୧୫	୧୦:୦୦	୧୨:୩୦
ଗଣିଆ	୭:୩୦	୯:୦୦	୧୧:୧୫	୧:୪୫
ଧାନଙ୍ଗଡ଼ା	୮:୧୫	୧୦:୦୦	୧୨:୩୦	୩:୦୦
ଗଣିଆ ବ୍ଲକର ବିସ୍ତୃତ ମାର୍ଗ ବିବରଣୀ
ଗଣିଆ⇆ଚନ୍ଦ୍ରପୁର
	ଟ୍ରିପ୍-୧		ଟ୍ରିପ୍-୨		ଟ୍ରିପ୍-୩	
ବସ୍‌ଷ୍ଟପ୍	ଆଗମନ	ପ୍ରସ୍ଥାନ	ଆଗମନ	ପ୍ରସ୍ଥାନ	ଆଗମନ	ପ୍ରସ୍ଥାନ
କୋଳାଥି	୫:୩୦	୬:୦୦	୬:୨୨	୭:୦୫	୮:୧୫	୧୦:୦୦
ଲେକ୍ଷ୍ମୀ	--	୬:୧୦	୬:୩୫	୭:୩୦	୯:୦୦	୧୧:୧୫
ଦଶପଲ୍ଲା	୬:୦୦	୬:୨୨	୭:୦୫	୮:୧୫	୧୦:୦୦	୧୨:୩୦
ବାଲୁଗାଁ	୬:୧୦	୬:୩୫	୭:୩୦	୯:୦୦	୧୧:୧୫	୧:୪୫
ଖଣ୍ଡପଡ଼ା	୬:୨୨	୭:୦୫	୮:୧୫	୧୦:୦୦	୧୨:୩୦	୩:୦୦
ଗଣିଆ	୬:୩୫	୭:୩୦	୯:୦୦	୧୧:୧୫	୧:୪୫	୪:୧୫
ଧାନଙ୍ଗ	୭:୦୫	୮:୧୫	୧୦:୦୦	୧୨:୩୦	୩:୦୦	୫:୩୦
କୁଳମେଡ଼ି	୭:୩୦	୯:୦୦	୧୧:୧୫	୧:୪୫	୪:୧୫	--
ଚନ୍ଦ୍ରପୁର⇆ଗଣିଆ
	ଟ୍ରିପ୍-୧		ଟ୍ରିପ୍-୨		ଟ୍ରିପ୍-୩	
ବସ୍‌ଷ୍ଟପ୍	ଆଗମନ	ପ୍ରସ୍ଥାନ	ଆଗମନ	ପ୍ରସ୍ଥାନ	ଆଗମନ	ପ୍ରସ୍ଥାନ
ବାଲୁଗାଁ	--	୬:୧୦	୬:୩୫	୭:୩୦	୯:୦୦	୧୧:୧୫
ଖଣ୍ଡପଡ଼ା	୬:୦୦	୬:୨୨	୭:୦୫	୮:୧୫	୧୦:୦୦	୧୨:୩୦
ଗଣିଆ	୬:୧୦	୬:୩୫	୭:୩୦	୯:୦୦	୧୧:୧୫	୧:୪୫
ଧାନଙ୍ଗ	୬:୨୨	୭:୦୫	୮:୧୫	୧୦:୦୦	୧୨:୩୦	୩:୦୦
କୁଳମେଡ଼ି	୬:୩୫	୭:୩୦	୯:୦୦	୧୧:୧୫	୧:୪୫	୪:୧୫
ନୂଆଗାଁ	୭:୦୫	୮:୧୫	୧୦:୦୦	୧୨:୩୦	୩:୦୦	୫:୩୦
କଣ୍ଟିଲୋ	୭:୩୦	୯:୦୦	୧୧:୧୫	୧:୪୫	୪:୧୫	--
ଉଦୟପୁର	୮:୧୫	୧୦:୦୦	୧୨:୩୦	୩:୦୦	୫:୩୦	୬:୦୦
ଗଣିଆ ବ୍ଲକ ରାଉଣ୍ଡଟ୍ରିପ୍
	ଟ୍ରିପ୍-୧		ଟ୍ରିପ୍-୨		ଟ୍ରିପ୍-୩		ଟ୍ରିପ୍-୪		ଟ୍ରିପ୍-୫	
ବସ୍‌ଷ୍ଟପ୍	ଆଗମନ	ପ୍ରସ୍ଥାନ	ଆଗମନ	ପ୍ରସ୍ଥାନ	ଆଗମନ	ପ୍ରସ୍ଥାନ	ଆଗମନ	ପ୍ରସ୍ଥାନ	ଆଗମନ	ପ୍ରସ୍ଥାନ
ଧାନଙ୍ଗଡ଼ା	୬:୦୦	୬:୨୨	୭:୦୫	୮:୧୫	୧୦:୦୦	୧୨:୩୦	୩:୦୦	୫:୩୦	୬:୦୦	୬:୨୨
କୁଳମେଡ଼ି	୬:୧୦	୬:୩୫	୭:୩୦	୯:୦୦	୧୧:୧୫	୧:୪୫	୪:୧୫	--	୬:୧୦	୬:୩୫
ନୂଆଗାଁ	୬:୨୨	୭:୦୫	୮:୧୫	୧୦:୦୦	୧୨:୩୦	୩:୦୦	୫:୩୦	୬:୦୦	୬:୨୨	୭:୦୫
କଣ୍ଟିଲୋ	୬:୩୫	୭:୩୦	୯:୦୦	୧୧:୧୫	୧:୪୫	୪:୧୫	--	୬:୧୦	୬:୩୫	୭:୩୦
ଉଦୟପୁର	୭:୦୫	୮:୧୫	୧୦:୦୦	୧୨:୩୦	୩:୦୦	୫:୩୦	୬:୦୦	୬:୨୨	୭:୦୫	୮:୧୫
ନୟାଗଡ଼	୭:୩୦	୯:୦୦	୧୧:୧୫	୧:୪୫	୪:୧୫	--	୬:୧୦	୬:୩୫	୭:୩୦	୯:୦୦
ବସ୍‌ଷ୍ଟପ୍	୮:୧୫	୧୦:୦୦	୧୨:୩୦	୩:୦୦	୫:୩୦	୬:୦୦	୬:୨୨	୭:୦୫	୮:୧୫	୧୦:୦୦
ଭାପୁର	୯:୦୦	୧୧:୧୫	୧:୪୫	୪:୧୫	--	୬:୧୦	୬:୩୫	୭:୩୦	୯:୦୦	୧୧:୧୫

ଖଣ୍ଡପଡ଼ା ବ୍ଲକ
ଖଣ୍ଡପଡ଼ା⇆ନୟାଗଡ଼
	ଟ୍ରିପ୍-୧		ଟ୍ରିପ୍-୨		ଟ୍ରିପ୍-୩		ଟ୍ରିପ୍-୪		ଟ୍ରିପ୍-୫	
ବସ୍‌ଷ୍ଟପ୍	ଆଗମନ	ପ୍ରସ୍ଥାନ	ଆଗମନ	ପ୍ରସ୍ଥାନ	ଆଗମନ	ପ୍ରସ୍ଥାନ	ଆଗମନ	ପ୍ରସ୍ଥାନ	ଆଗମନ	ପ୍ରସ୍ଥାନ
ଖଣ୍ଡପଡ଼ା	--	୬:୦୦	--	୧୦:୦୦	--	୧:୦୦	--	୪:୦୦	--	୭:୦୦
କଣ୍ଟିଲୋ	୬:୧୨	୬:୧୩	୧୦:୧୨	୧୦:୧୩	୧:୧୨	୧:୧୩	୪:୧୨	୪:୧୩	୭:୧୨	୭:୧୩
ଲାଡୁକେଶୀ	୬:୨୨	୬:୨୩	୧୦:୨୨	୧୦:୨୩	୧:୨୨	୧:୨୩	୪:୨୨	୪:୨୩	୭:୨୨	୭:୨୩
ବାଲୁଗାଁ	୬:୩୨	୬:୩୩	୧୦:୩୨	୧୦:୩୩	୧:୩୨	୧:୩୩	୪:୩୨	୪:୩୩	୭:୩୨	୭:୩୩
ନୟାଗଡ଼	୬:୪୫	--	୧୦:୪୫	--	୧:୪୫	--	୪:୪୫	--	୭:୪୫	--
ନୟାଗଡ଼⇆ଖଣ୍ଡପଡ଼ା
	ଟ୍ରିପ୍-୧		ଟ୍ରିପ୍-୨		ଟ୍ରିପ୍-୩		ଟ୍ରିପ୍-୪		ଟ୍ରିପ୍-୫	
ବସ୍‌ଷ୍ଟପ୍	ଆଗମନ	ପ୍ରସ୍ଥାନ	ଆଗମନ	ପ୍ରସ୍ଥାନ	ଆଗମନ	ପ୍ରସ୍ଥାନ	ଆଗମନ	ପ୍ରସ୍ଥାନ	ଆଗମନ	ପ୍ରସ୍ଥାନ
ନୟାଗଡ଼	--	୭:୦୦	--	୧୧:୦୦	--	୨:୦୦	--	୫:୦୦	--	୮:୦୦
ବାଲୁଗାଁ	୭:୧୨	୭:୧୩	୧୧:୧୨	୧୧:୧୩	୨:୧୨	୨:୧୩	୫:୧୨	୫:୧୩	୮:୧୨	୮:୧୩
ଲାଡୁକେଶୀ	୭:୨୨	୭:୨୩	୧୧:୨୨	୧୧:୨୩	୨:୨୨	୨:୨୩	୫:୨୨	୫:୨୩	୮:୨୨	୮:୨୩
କଣ୍ଟିଲୋ	୭:୩୨	୭:୩୩	୧୧:୩୨	୧୧:୩୩	୨:୩୨	୨:୩୩	୫:୩୨	୫:୩୩	୮:୩୨	୮:୩୩
ଖଣ୍ଡପଡ଼ା	୭:୪୫	--	୧୧:୪୫	--	୨:୪୫	--	୫:୪୫	--	୮:୪୫	--
ଖଣ୍ଡପଡ଼ା ବ୍ଲକର ବିସ୍ତୃତ ମାର୍ଗ ବିବରଣୀ
ଖଣ୍ଡପଡ଼ା⇆ବଳଭଦ୍ରପ୍ରସାଦ
	ଟ୍ରିପ୍-୧		ଟ୍ରିପ୍-୨		ଟ୍ରିପ୍-୩		ଟ୍ରିପ୍-୪	
ବସ୍‌ଷ୍ଟପ୍	ଆଗମନ	ପ୍ରସ୍ଥାନ	ଆଗମନ	ପ୍ରସ୍ଥାନ	ଆଗମନ	ପ୍ରସ୍ଥାନ	ଆଗମନ	ପ୍ରସ୍ଥାନ
କଣ୍ଟିଲୋ	୬:୧୦	୬:୩୫	୭:୩୦	୯:୦୦	୧୧:୧୫	୧:୪୫	୪:୧୫	--
ଉଦୟପୁର	୬:୨୨	୭:୦୫	୮:୧୫	୧୦:୦୦	୧୨:୩୦	୩:୦୦	୫:୩୦	୬:୦୦
ନୟାଗଡ଼	୬:୩୫	୭:୩୦	୯:୦୦	୧୧:୧୫	୧:୪୫	୪:୧୫	--	୬:୧୦
ବସ୍‌ଷ୍ଟପ୍	୭:୦୫	୮:୧୫	୧୦:୦୦	୧୨:୩୦	୩:୦୦	୫:୩୦	୬:୦୦	୬:୨୨
ଭାପୁର	୭:୩୦	୯:୦୦	୧୧:୧୫	୧:୪୫	୪:୧୫	--	୬:୧୦	୬:୩୫
ଭାପୁର ମାର୍କେଟ	୮:୧୫	୧୦:୦୦	୧୨:୩୦	୩:୦୦	୫:୩୦	୬:୦୦	୬:୨୨	୭:୦୫
କାଇଁଥପଲ୍ଲୀ	୯:୦୦	୧୧:୧୫	୧:୪୫	୪:୧୫	--	୬:୧୦	୬:୩୫	୭:୩୦
କୋଳାଥିଆ	୧୦:୦୦	୧୨:୩୦	୩:୦୦	୫:୩୦	୬:୦୦	୬:୨୨	୭:୦୫	୮:୧୫
ଲେକ୍ଷ୍ମୀଆ	୧୧:୧୫	୧:୪୫	୪:୧୫	--	୬:୧୦	୬:୩୫	୭:୩୦	୯:୦୦
ଦଶପଲ୍ଲା	୧୨:୩୦	୩:୦୦	୫:୩୦	୬:୦୦	୬:୨୨	୭:୦୫	୮:୧୫	୧୦:୦୦
ବାଲୁଗାଁ	୧:୪୫	୪:୧୫	--	୬:୧୦	୬:୩୫	୭:୩୦	୯:୦୦	୧୧:୧୫
ଖଣ୍ଡପଡ଼ା	୩:୦୦	୫:୩୦	୬:୦୦	୬:୨୨	୭:୦୫	୮:୧୫	୧୦:୦୦	୧୨:୩୦
ଗଣିଆ	୪:୧୫	--	୬:୧୦	୬:୩୫	୭:୩୦	୯:୦୦	୧୧:୧୫	୧:୪୫
ଧାନଙ୍ଗଡ଼ା	୫:୩୦	୬:୦୦	୬:୨୨	୭:୦୫	୮:୧୫	୧୦:୦୦	୧୨:୩୦	୩:୦୦
କୁଳମେଡ଼ି	--	୬:୧୦	୬:୩୫	୭:୩୦	୯:୦୦	୧୧:୧୫	୧:୪୫	୪:୧୫
ନୂଆଗାଁ	୬:୦୦	୬:୨୨	୭:୦୫	୮:୧୫	୧୦:୦୦	୧୨:୩୦	୩:୦୦	୫:୩୦
କଣ୍ଟିଲୋ	୬:୧୦	୬:୩୫	୭:୩୦	୯:୦୦	୧୧:୧୫	୧:୪୫	୪:୧୫	--
ଉଦୟପୁର	୬:୨୨	୭:୦୫	୮:୧୫	୧୦:୦୦	୧୨:୩୦	୩:୦୦	୫:୩୦	୬:୦୦
ନୟାଗଡ଼	୬:୩୫	୭:୩୦	୯:୦୦	୧୧:୧୫	୧:୪୫	୪:୧୫	--	୬:୧୦
ବସ୍‌ଷ୍ଟପ୍	୭:୦୫	୮:୧୫	୧୦:୦୦	୧୨:୩୦	୩:୦୦	୫:୩୦	୬:୦୦	୬:୨୨
ଭାପୁର	୭:୩୦	୯:୦୦	୧୧:୧୫	୧:୪୫	୪:୧୫	--	୬:୧୦	୬:୩୫
ଭାପୁର ମାର୍କେଟ	୮:୧୫	୧୦:୦୦	୧୨:୩୦	୩:୦୦	୫:୩୦	୬:୦୦	୬:୨୨	୭:୦୫
ବଳଭଦ୍ରପ୍ରସାଦ⇆ଖଣ୍ଡପଡ଼ା
	ଟ୍ରିପ୍-୧		ଟ୍ରିପ୍-୨		ଟ୍ରିପ୍-୩		ଟ୍ରିପ୍-୪	
ବସ୍‌ଷ୍ଟପ୍	ଆଗମନ	ପ୍ରସ୍ଥାନ	ଆଗମନ	ପ୍ରସ୍ଥାନ	ଆଗମନ	ପ୍ରସ୍ଥାନ	ଆଗମନ	ପ୍ରସ୍ଥାନ
ବସ୍‌ଷ୍ଟପ୍	୬:୨୨	୭:୦୫	୮:୧୫	୧୦:୦୦	୧୨:୩୦	୩:୦୦	୫:୩୦	୬:୦୦
ଭାପୁର	୬:୩୫	୭:୩୦	୯:୦୦	୧୧:୧୫	୧:୪୫	୪:୧୫	--	୬:୧୦
ଭାପୁର ମାର୍କେଟ	୭:୦୫	୮:୧୫	୧୦:୦୦	୧୨:୩୦	୩:୦୦	୫:୩୦	୬:୦୦	୬:୨୨
କାଇଁଥପଲ୍ଲୀ	୭:୩୦	୯:୦୦	୧୧:୧୫	୧:୪୫	୪:୧୫	--	୬:୧୦	୬:୩୫
କୋଳାଥିଆ	୮:୧୫	୧୦:୦୦	୧୨:୩୦	୩:୦୦	୫:୩୦	୬:୦୦	୬:୨୨	୭:୦୫
ଲେକ୍ଷ୍ମୀଆ	୯:୦୦	୧୧:୧୫	୧:୪୫	୪:୧୫	--	୬:୧୦	୬:୩୫	୭:୩୦
ଦଶପଲ୍ଲା	୧୦:୦୦	୧୨:୩୦	୩:୦୦	୫:୩୦	୬:୦୦	୬:୨୨	୭:୦୫	୮:୧୫
ବାଲୁଗାଁ	୧୧:୧୫	୧:୪୫	୪:୧୫	--	୬:୧୦	୬:୩୫	୭:୩୦	୯:୦୦
ଖଣ୍ଡପଡ଼ା	୧୨:୩୦	୩:୦୦	୫:୩୦	୬:୦୦	୬:୨୨	୭:୦୫	୮:୧୫	୧୦:୦୦
ଗଣିଆ	୧:୪୫	୪:୧୫	--	୬:୧୦	୬:୩୫	୭:୩୦	୯:୦୦	୧୧:୧୫
ଧାନଙ୍ଗଡ଼ା	୩:୦୦	୫:୩୦	୬:୦୦	୬:୨୨	୭:୦୫	୮:୧୫	୧୦:୦୦	୧୨:୩୦
କୁଳମେଡ଼ି	୪:୧୫	--	୬:୧୦	୬:୩୫	୭:୩୦	୯:୦୦	୧୧:୧୫	୧:୪୫
ନୂଆଗାଁ	୫:୩୦	୬:୦୦	୬:୨୨	୭:୦୫	୮:୧୫	୧୦:୦୦	୧୨:୩୦	୩:୦୦
କଣ୍ଟିଲୋ	--	୬:୧୦	୬:୩୫	୭:୩୦	୯:୦୦	୧୧:୧୫	୧:୪୫	୪:୧୫
ଉଦୟପୁର	୬:୦୦	୬:୨୨	୭:୦୫	୮:୧୫	୧୦:୦୦	୧୨:୩୦	୩:୦୦	୫:୩୦
ନୟାଗଡ଼	୬:୧୦	୬:୩୫	୭:୩୦	୯:୦୦	୧୧:୧୫	୧:୪୫	୪:୧୫	--
ବସ୍‌ଷ୍ଟପ୍	୬:୨୨	୭:୦୫	୮:୧୫	୧୦:୦୦	୧୨:୩୦	୩:୦୦	୫:୩୦	୬:୦୦
ଭାପୁର	୬:୩୫	୭:୩୦	୯:୦୦	୧୧:୧୫	୧:୪୫	୪:୧୫	--	୬:୧୦
ଭାପୁର ମାର୍କେଟ	୭:୦୫	୮:୧୫	୧୦:୦୦	୧୨:୩୦	୩:୦୦	୫:୩୦	୬:୦୦	୬:୨୨
କାଇଁଥପଲ୍ଲୀ	୭:୩୦	୯:୦୦	୧୧:୧୫	୧:୪୫	୪:୧୫	--	୬:୧୦	୬:୩୫
କୋଳାଥିଆ	୮:୧୫	୧୦:୦୦	୧୨:୩୦	୩:୦୦	୫:୩୦	୬:୦୦	୬:୨୨	୭:୦୫
ଲେକ୍ଷ୍ମୀଆ	୯:୦୦	୧୧:୧୫	୧:୪୫	୪:୧୫	--	୬:୧୦	୬:୩୫	୭:୩୦
ଖଣ୍ଡପଡ଼ା⇆ବାଲୁଗାଁ
	ଟ୍ରିପ୍-୧		ଟ୍ରିପ୍-୨		ଟ୍ରିପ୍-୩		ଟ୍ରିପ୍-୪		ଟ୍ରିପ୍-୫	
ବସ୍‌ଷ୍ଟପ୍	ଆଗମନ	ପ୍ରସ୍ଥାନ	ଆଗମନ	ପ୍ରସ୍ଥାନ	ଆଗମନ	ପ୍ରସ୍ଥାନ	ଆଗମନ	ପ୍ରସ୍ଥାନ	ଆଗମନ	ପ୍ରସ୍ଥାନ
କାଇଁଥପଲ୍ଲୀ	୬:୩୫	୭:୩୦	୯:୦୦	୧୧:୧୫	୧:୪୫	୪:୧୫	--	୬:୧୦	୬:୩୫	୭:୩୦
କୋଳାଥିଆ	୭:୦୫	୮:୧୫	୧୦:୦୦	୧୨:୩୦	୩:୦୦	୫:୩୦	୬:୦୦	୬:୨୨	୭:୦୫	୮:୧୫
ଲେକ୍ଷ୍ମୀଆ	୭:୩୦	୯:୦୦	୧୧:୧୫	୧:୪୫	୪:୧୫	--	୬:୧୦	୬:୩୫	୭:୩୦	୯:୦୦
ଦଶପଲ୍ଲା	୮:୧୫	୧୦:୦୦	୧୨:୩୦	୩:୦୦	୫:୩୦	୬:୦୦	୬:୨୨	୭:୦୫	୮:୧୫	୧୦:୦୦
ବାଲୁଗାଁ	୯:୦୦	୧୧:୧୫	୧:୪୫	୪:୧୫	--	୬:୧୦	୬:୩୫	୭:୩୦	୯:୦୦	୧୧:୧୫
ଖଣ୍ଡପଡ଼ା	୧୦:୦୦	୧୨:୩୦	୩:୦୦	୫:୩୦	୬:୦୦	୬:୨୨	୭:୦୫	୮:୧୫	୧୦:୦୦	୧୨:୩୦
ଗଣିଆ	୧୧:୧୫	୧:୪୫	୪:୧୫	--	୬:୧୦	୬:୩୫	୭:୩୦	୯:୦୦	୧୧:୧୫	୧:୪୫
ଧାନଙ୍ଗଡ଼ା	୧୨:୩୦	୩:୦୦	୫:୩୦	୬:୦୦	୬:୨୨	୭:୦୫	୮:୧୫	୧୦:୦୦	୧୨:୩୦	୩:୦୦
ବାଲୁଗାଁ⇆ଖଣ୍ଡପଡ଼ା
	ଟ୍ରିପ୍-୧		ଟ୍ରିପ୍-୨		ଟ୍ରିପ୍-୩		ଟ୍ରିପ୍-୪		ଟ୍ରିପ୍-୫	
ବସ୍‌ଷ୍ଟପ୍	ଆଗମନ	ପ୍ରସ୍ଥାନ	ଆଗମନ	ପ୍ରସ୍ଥାନ	ଆଗମନ	ପ୍ରସ୍ଥାନ	ଆଗମନ	ପ୍ରସ୍ଥାନ	ଆଗମନ	ପ୍ରସ୍ଥାନ
ଦଶପଲ୍ଲା	୭:୦୫	୮:୧୫	୧୦:୦୦	୧୨:୩୦	୩:୦୦	୫:୩୦	୬:୦୦	୬:୨୨	୭:୦୫	୮:୧୫
ବାଲୁଗାଁ	୭:୩୦	୯:୦୦	୧୧:୧୫	୧:୪୫	୪:୧୫	--	୬:୧୦	୬:୩୫	୭:୩୦	୯:୦୦
ଖଣ୍ଡପଡ଼ା	୮:୧୫	୧୦:୦୦	୧୨:୩୦	୩:୦୦	୫:୩୦	୬:୦୦	୬:୨୨	୭:୦୫	୮:୧୫	୧୦:୦୦
ଗଣିଆ	୯:୦୦	୧୧:୧୫	୧:୪୫	୪:୧୫	--	୬:୧୦	୬:୩୫	୭:୩୦	୯:୦୦	୧୧:୧୫
ଧାନଙ୍ଗଡ଼ା	୧୦:୦୦	୧୨:୩୦	୩:୦୦	୫:୩୦	୬:୦୦	୬:୨୨	୭:୦୫	୮:୧୫	୧୦:୦୦	୧୨:୩୦
କୁଳମେଡ଼ି	୧୧:୧୫	୧:୪୫	୪:୧୫	--	୬:୧୦	୬:୩୫	୭:୩୦	୯:୦୦	୧୧:୧୫	୧:୪୫
ନୂଆଗାଁ	୧୨:୩୦	୩:୦୦	୫:୩୦	୬:୦୦	୬:୨୨	୭:୦୫	୮:୧୫	୧୦:୦୦	୧୨:୩୦	୩:୦୦
କଣ୍ଟିଲୋ	୧:୪୫	୪:୧୫	--	୬:୧୦	୬:୩୫	୭:୩୦	୯:୦୦	୧୧:୧୫	୧:୪୫	୪:୧୫
ଖଣ୍ଡପଡ଼ା ବ୍ଲକ ରାଉଣ୍ଡଟ୍ରିପ୍
	ଟ୍ରିପ୍-୧		ଟ୍ରିପ୍-୨		ଟ୍ରିପ୍-୩		ଟ୍ରିପ୍-୪	
ବସ୍‌ଷ୍ଟପ୍	ଆଗମନ	ପ୍ରସ୍ଥାନ	ଆଗମନ	ପ୍ରସ୍ଥାନ	ଆଗମନ	ପ୍ରସ୍ଥାନ	ଆଗମନ	ପ୍ରସ୍ଥାନ
ଗଣିଆ	୭:୩୦	୯:୦୦	୧୧:୧୫	୧:୪୫	୪:୧୫	--	୬:୧୦	୬:୩୫
ଧାନଙ୍ଗଡ଼ା	୮:୧୫	୧୦:୦୦	୧୨:୩୦	୩:୦୦	୫:୩୦	୬:୦୦	୬:୨୨	୭:୦୫
କୁଳମେଡ଼ି	୯:୦୦	୧୧:୧୫	୧:୪୫	୪:୧୫	--	୬:୧୦	୬:୩୫	୭:୩୦
ନୂଆଗାଁ	୧୦:୦୦	୧୨:୩୦	୩:୦୦	୫:୩୦	୬:୦୦	୬:୨୨	୭:୦୫	୮:୧୫
କଣ୍ଟିଲୋ	୧୧:୧୫	୧:୪୫	୪:୧୫	--	୬:୧୦	୬:୩୫	୭:୩୦	୯:୦୦
ଉଦୟପୁର	୧୨:୩୦	୩:୦୦	୫:୩୦	୬:୦୦	୬:୨୨	୭:୦୫	୮:୧୫	୧୦:୦୦
ନୟାଗଡ଼	୧:୪୫	୪:୧୫	--	୬:୧୦	୬:୩୫	୭:୩୦	୯:୦୦	୧୧:୧୫
ବସ୍‌ଷ୍ଟପ୍	୩:୦୦	୫:୩୦	୬:୦୦	୬:୨୨	୭:୦୫	୮:୧୫	୧୦:୦୦	୧୨:୩୦
ଭାପୁର	୪:୧୫	--	୬:୧୦	୬:୩୫	୭:୩୦	୯:୦୦	୧୧:୧୫	୧:୪୫
ଭାପୁର ମାର୍କେଟ	୫:୩୦	୬:୦୦	୬:୨୨	୭:୦୫	୮:୧୫	୧୦:୦୦	୧୨:୩୦	୩:୦୦
କାଇଁଥପଲ୍ଲୀ	--	୬:୧୦	୬:୩୫	୭:୩୦	୯:୦୦	୧୧:୧୫	୧:୪୫	୪:୧୫
କୋଳାଥିଆ	୬:୦୦	୬:୨୨	୭:୦୫	୮:୧୫	୧୦:୦୦	୧୨:୩୦	୩:୦୦	୫:୩୦
ଲେକ୍ଷ୍ମୀଆ	୬:୧୦	୬:୩୫	୭:୩୦	୯:୦୦	୧୧:୧୫	୧:୪୫	୪:୧୫	--
ଦଶପଲ୍ଲା	୬:୨୨	୭:୦୫	୮:୧୫	୧୦:୦୦	୧୨:୩୦	୩:୦୦	୫:୩୦	୬:୦୦
ବାଲୁଗାଁ	୬:୩୫	୭:୩୦	୯:୦୦	୧୧:୧୫	୧:୪୫	୪:୧୫	--	୬:୧୦
ଖଣ୍ଡପଡ଼ା	୭:୦୫	୮:୧୫	୧୦:୦୦	୧୨:୩୦	୩:୦୦	୫:୩୦	୬:୦୦	୬:୨୨
ଗଣିଆ	୭:୩୦	୯:୦୦	୧୧:୧୫	୧:୪୫	୪:୧୫	--	୬:୧୦	୬:୩୫
ଧାନଙ୍ଗଡ଼ା	୮:୧୫	୧୦:୦୦	୧୨:୩୦	୩:୦୦	୫:୩୦	୬:୦୦	୬:୨୨	୭:୦୫
କୁଳମେଡ଼ି	୯:୦୦	୧୧:୧୫	୧:୪୫	୪:୧୫	--	୬:୧୦	୬:୩୫	୭:୩୦
ନୂଆଗାଁ	୧୦:୦୦	୧୨:୩୦	୩:୦୦	୫:୩୦	୬:୦୦	୬:୨୨	୭:୦୫	୮:୧୫
କଣ୍ଟିଲୋ	୧୧:୧୫	୧:୪୫	୪:୧୫	--	୬:୧୦	୬:୩୫	୭:୩୦	୯:୦୦
ଉଦୟପୁର	୧୨:୩୦	୩:୦୦	୫:୩୦	୬:୦୦	୬:୨୨	୭:୦୫	୮:୧୫	୧୦:୦୦
ଖଣ୍ଡପଡ଼ା⇆କଣ୍ଟିଲୋ
	ଟ୍ରିପ୍-୧		ଟ୍ରିପ୍-୨		ଟ୍ରିପ୍-୩	
ବସ୍‌ଷ୍ଟପ୍	ଆଗମନ	ପ୍ରସ୍ଥାନ	ଆଗମନ	ପ୍ରସ୍ଥାନ	ଆଗମନ	ପ୍ରସ୍ଥାନ
ଖଣ୍ଡପଡ଼ା (	--	୬:୦୦	--	୧୦:୪୦	--	୩:୩୦
ଉଦୟପୁର	୬:୦୮	୬:୦୯	୧୦:୪୮	୧୦:୪୯	୩:୩୮	୩:୩୯
ବାଇଜିପୁର	୬:୧୪	୬:୧୫	୧୦:୫୪	୧୦:୫୫	୩:୪୪	୩:୪୫
ମାଧବରେଖଣୀ	୬:୨୦	୬:୨୧	୧୧:୦୦	୧୧:୦୧	୩:୫୦	୩:୫୧
ଗୋପୀନାଥପୁର	୬:୩୧	୬:୩୨	୧୧:୧୧	୧୧:୧୨	୪:୦୧	୪:୦୨
ରାଜସୁନାଖଳା	୬:୪୦	୬:୪୧	୧୧:୨୦	୧୧:୨୧	୪:୧୦	୪:୧୧
ବାଘୁଆ	୬:୫୦	୬:୫୧	୧୧:୩୦	୧୧:୩୧	୪:୨୦	୪:୨୧
କଣ୍ଟିଲୋ	୭:୦୩	--	୧୧:୪୩	--	୪:୩୩	--
କଣ୍ଟିଲୋ⇆ଖଣ୍ଡପଡ଼ା
	ଟ୍ରିପ୍-୧		ଟ୍ରିପ୍-୨		ଟ୍ରିପ୍-୩	
ବସ୍‌ଷ୍ଟପ୍	ଆଗମନ	ପ୍ରସ୍ଥାନ	ଆଗମନ	ପ୍ରସ୍ଥାନ	ଆଗମନ	ପ୍ରସ୍ଥାନ
କଣ୍ଟିଲୋ	--	୭:୩୦	--	୧୨:୩୦	--	୫:୦୦
ବାଘୁଆ	୭:୪୨	୭:୪୩	୧୨:୪୨	୧୨:୪୩	୫:୧୨	୫:୧୩
ରାଜସୁନାଖଳା	୭:୫୨	୭:୫୩	୧୨:୫୨	୧୨:୫୩	୫:୨୨	୫:୨୩
ଗୋପୀନାଥପୁର	୮:୦୧	୮:୦୨	୧:୦୧	୧:୦୨	୫:୩୧	୫:୩୨
ମାଧବରେଖଣୀ	୮:୧୨	୮:୧୩	୧:୧୨	୧:୧୩	୫:୪୨	୫:୪୩
ବାଇଜିପୁର	୮:୧୮	୮:୧୯	୧:୧୮	୧:୧୯	୫:୪୮	୫:୪୯
ଉଦୟପୁର	୮:୨୪	୮:୨୫	୧:୨୪	୧:୨୫	୫:୫୪	୫:୫୫
ଖଣ୍ଡପଡ଼ା (	୮:୩୩	--	୧:୩୩	--	୬:୦୩	--
ଅଧିକ ବିବରଣୀ ପାଇଁ ଲିଙ୍କ ଅନ୍ତ କରନ୍ତୁ:- http://www.osrtc.in/notificationsAndCirculars.html
